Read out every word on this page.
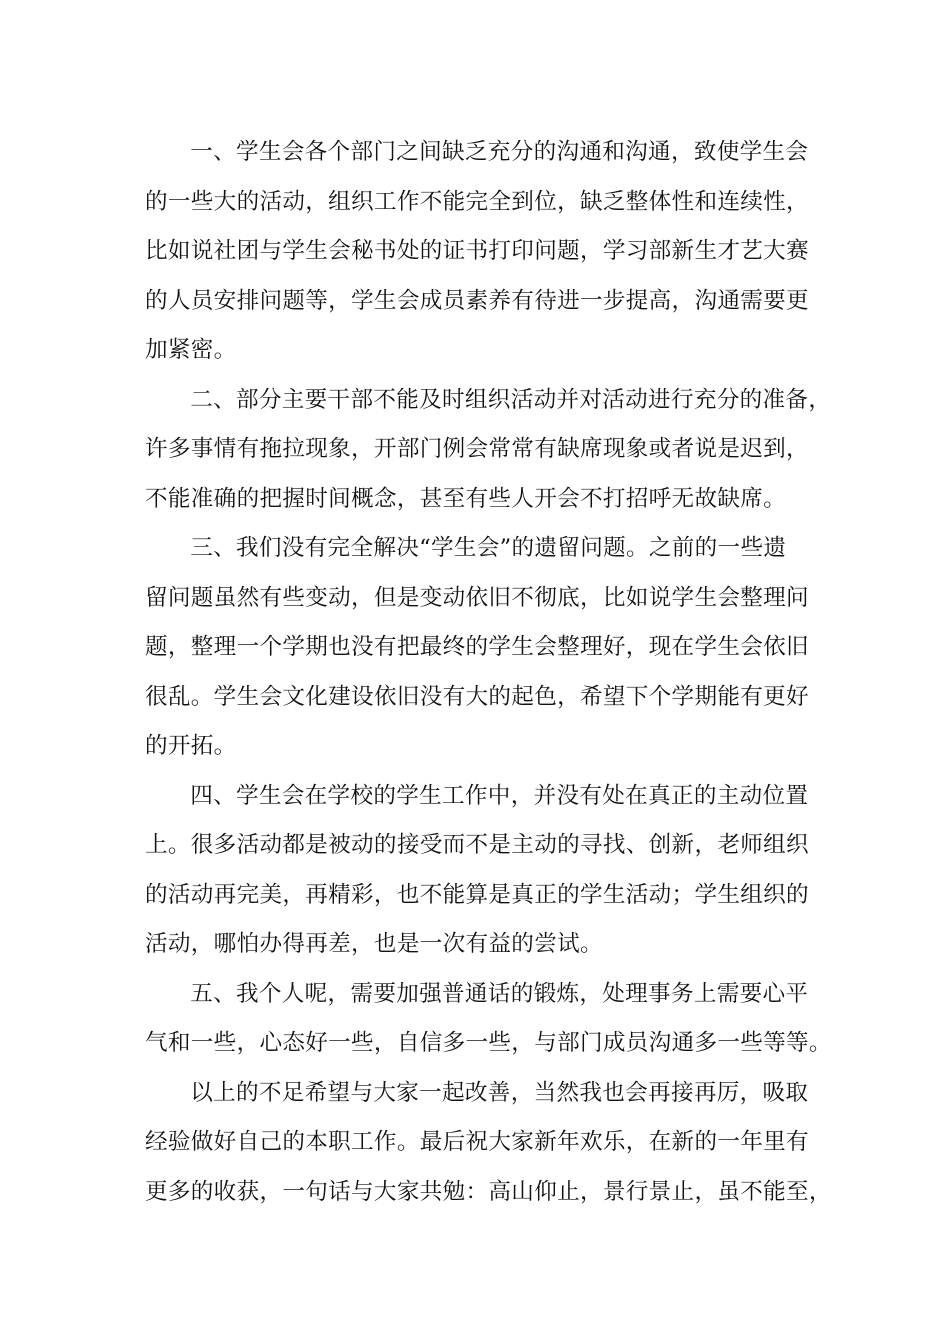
一、学生会各个部门之间缺乏充分的沟通和沟通，致使学生会
的一些大的活动，组织工作不能完全到位，缺乏整体性和连续性，
比如说社团与学生会秘书处的证书打印问题，学习部新生才艺大赛
的人员安排问题等，学生会成员素养有待进一步提高，沟通需要更
加紧密。
二、部分主要干部不能及时组织活动并对活动进行充分的准备，
许多事情有拖拉现象，开部门例会常常有缺席现象或者说是迟到，
不能准确的把握时间概念，甚至有些人开会不打招呼无故缺席。
三、我们没有完全解决“学生会”的遗留问题。之前的一些遗
留问题虽然有些变动，但是变动依旧不彻底，比如说学生会整理问
题，整理一个学期也没有把最终的学生会整理好，现在学生会依旧
很乱。学生会文化建设依旧没有大的起色，希望下个学期能有更好
的开拓。
四、学生会在学校的学生工作中，并没有处在真正的主动位置
上。很多活动都是被动的接受而不是主动的寻找、创新，老师组织
的活动再完美，再精彩，也不能算是真正的学生活动；学生组织的
活动，哪怕办得再差，也是一次有益的尝试。
五、我个人呢，需要加强普通话的锻炼，处理事务上需要心平
气和一些，心态好一些，自信多一些，与部门成员沟通多一些等等。
以上的不足希望与大家一起改善，当然我也会再接再厉，吸取
经验做好自己的本职工作。最后祝大家新年欢乐，在新的一年里有
更多的收获，一句话与大家共勉：高山仰止，景行景止，虽不能至，
